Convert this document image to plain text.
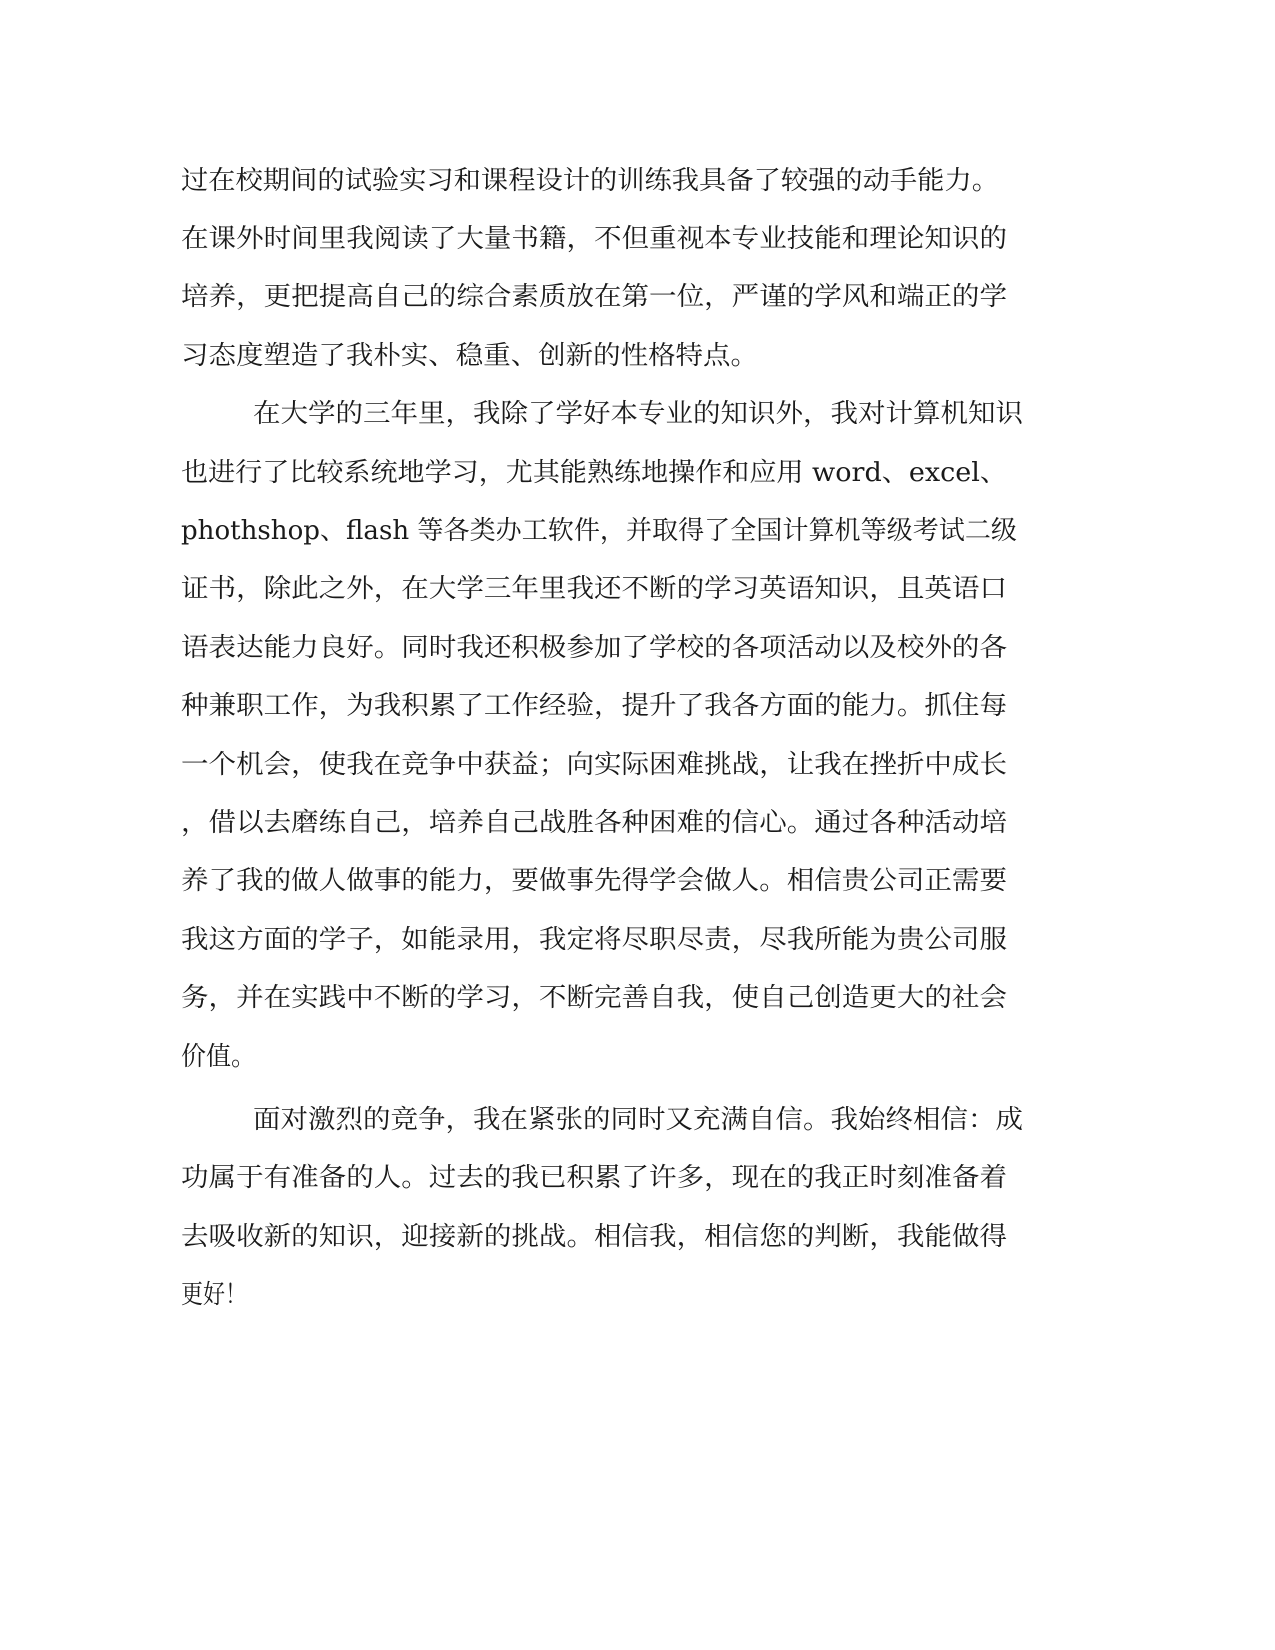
过在校期间的试验实习和课程设计的训练我具备了较强的动手能力。
在课外时间里我阅读了大量书籍，不但重视本专业技能和理论知识的
培养，更把提高自己的综合素质放在第一位，严谨的学风和端正的学
习态度塑造了我朴实、稳重、创新的性格特点。
在大学的三年里，我除了学好本专业的知识外，我对计算机知识
也进行了比较系统地学习，尤其能熟练地操作和应用 word、excel、
phothshop、flash 等各类办工软件，并取得了全国计算机等级考试二级
证书，除此之外，在大学三年里我还不断的学习英语知识，且英语口
语表达能力良好。同时我还积极参加了学校的各项活动以及校外的各
种兼职工作，为我积累了工作经验，提升了我各方面的能力。抓住每
一个机会，使我在竞争中获益；向实际困难挑战，让我在挫折中成长
，借以去磨练自己，培养自己战胜各种困难的信心。通过各种活动培
养了我的做人做事的能力，要做事先得学会做人。相信贵公司正需要
我这方面的学子，如能录用，我定将尽职尽责，尽我所能为贵公司服
务，并在实践中不断的学习，不断完善自我，使自己创造更大的社会
价值。
面对激烈的竞争，我在紧张的同时又充满自信。我始终相信：成
功属于有准备的人。过去的我已积累了许多，现在的我正时刻准备着
去吸收新的知识，迎接新的挑战。相信我，相信您的判断，我能做得
更好！
